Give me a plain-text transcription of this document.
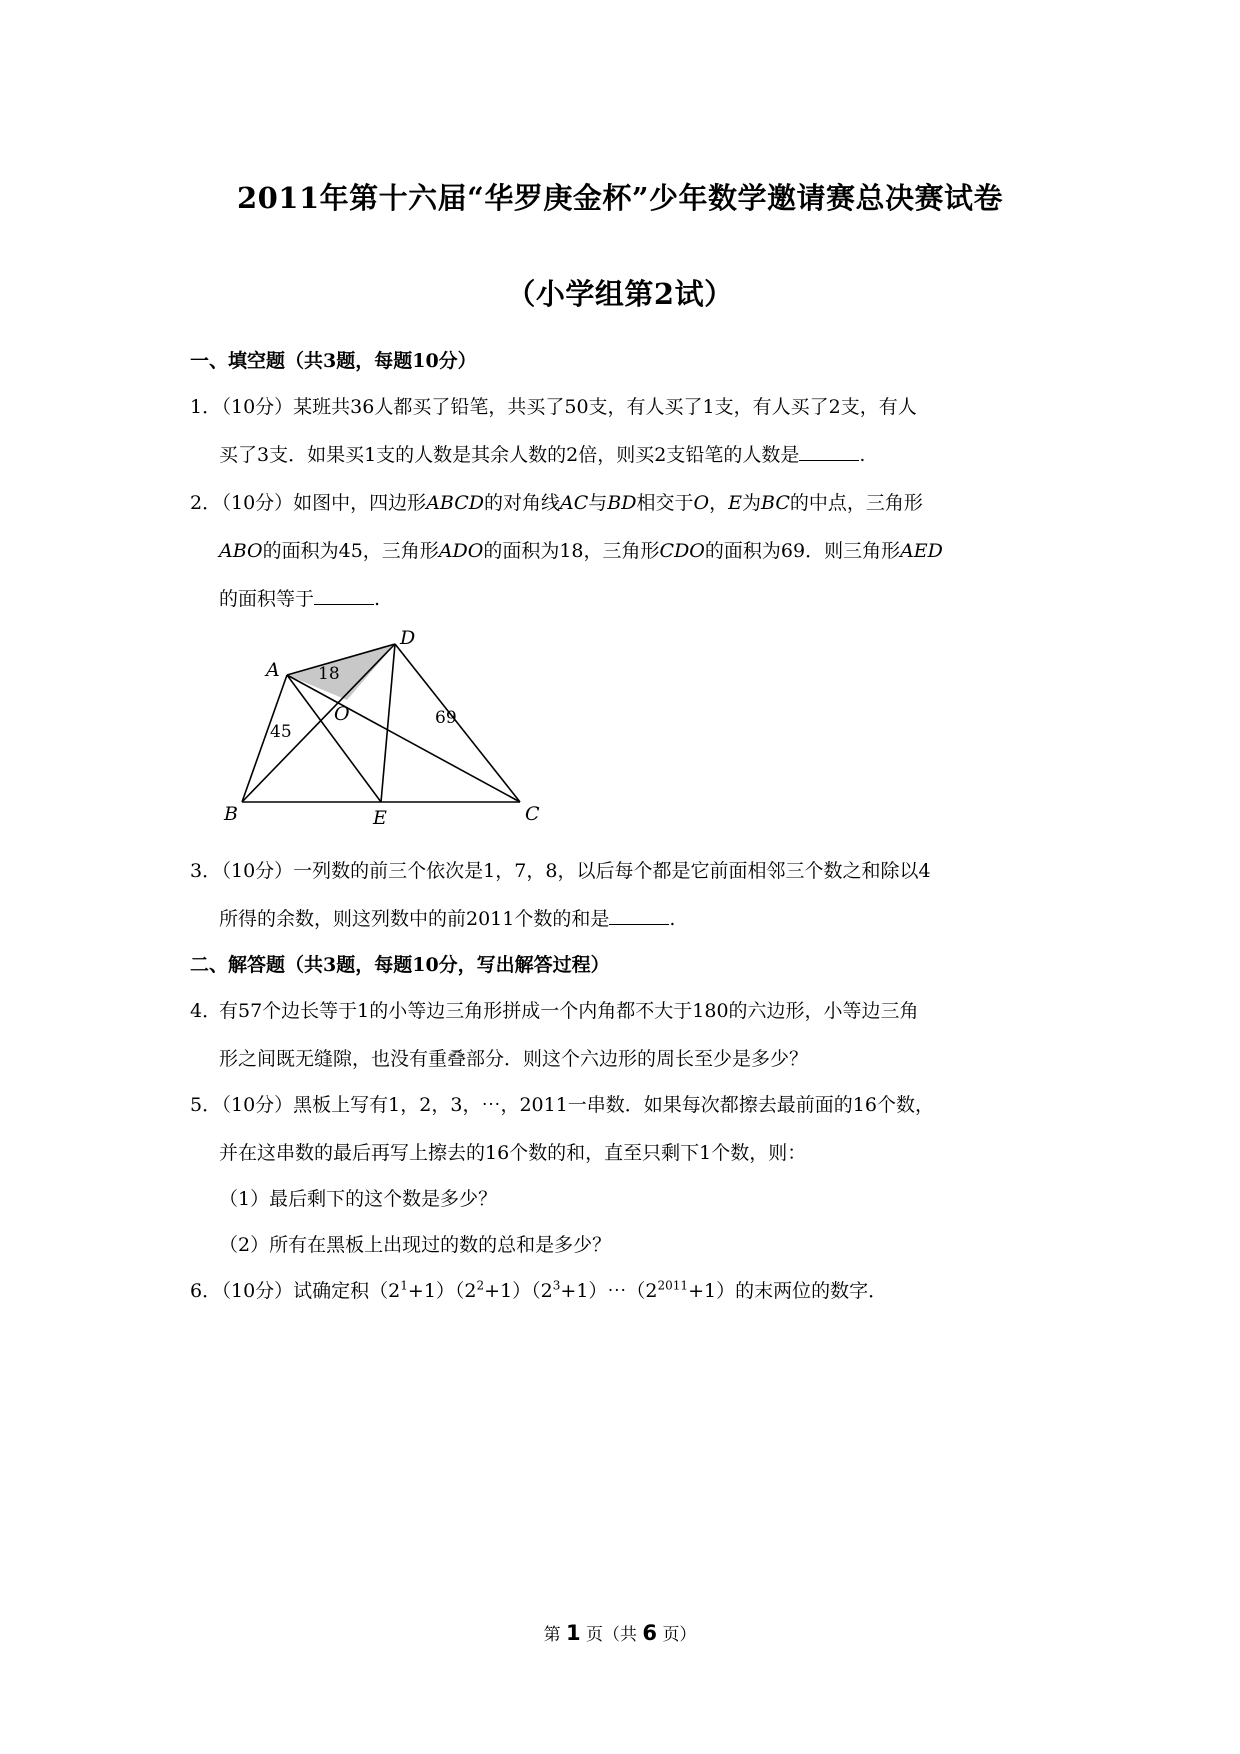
2011年第十六届“华罗庚金杯”少年数学邀请赛总决赛试卷
（小学组第2试）
一、填空题（共3题，每题10分）
1．
（10分）某班共36人都买了铅笔，共买了50支，有人买了1支，有人买了2支，有人
买了3支．如果买1支的人数是其余人数的2倍，则买2支铅笔的人数是	.
2．
（10分）如图中，四边形ABCD的对角线AC与BD相交于O，E为BC的中点，三角形
ABO的面积为45，三角形ADO的面积为18，三角形CDO的面积为69．则三角形AED
的面积等于	.
A
B	C
D
E
O
18
45
69
3．
（10分）一列数的前三个依次是1，7，8，以后每个都是它前面相邻三个数之和除以4
所得的余数，则这列数中的前2011个数的和是	.
二、解答题（共3题，每题10分，写出解答过程）
4．
有57个边长等于1的小等边三角形拼成一个内角都不大于180的六边形，小等边三角
形之间既无缝隙，也没有重叠部分．则这个六边形的周长至少是多少？
5．
（10分）黑板上写有1，2，3，⋯，2011一串数．如果每次都擦去最前面的16个数，
并在这串数的最后再写上擦去的16个数的和，直至只剩下1个数，则：
（1）最后剩下的这个数是多少？
（2）所有在黑板上出现过的数的总和是多少？
6．
（10分）试确定积$(2^1+1)(2^2+1)(2^3+1)\cdots(2^{2011}+1)$的末两位的数字．
第 1 页（共 6 页）
